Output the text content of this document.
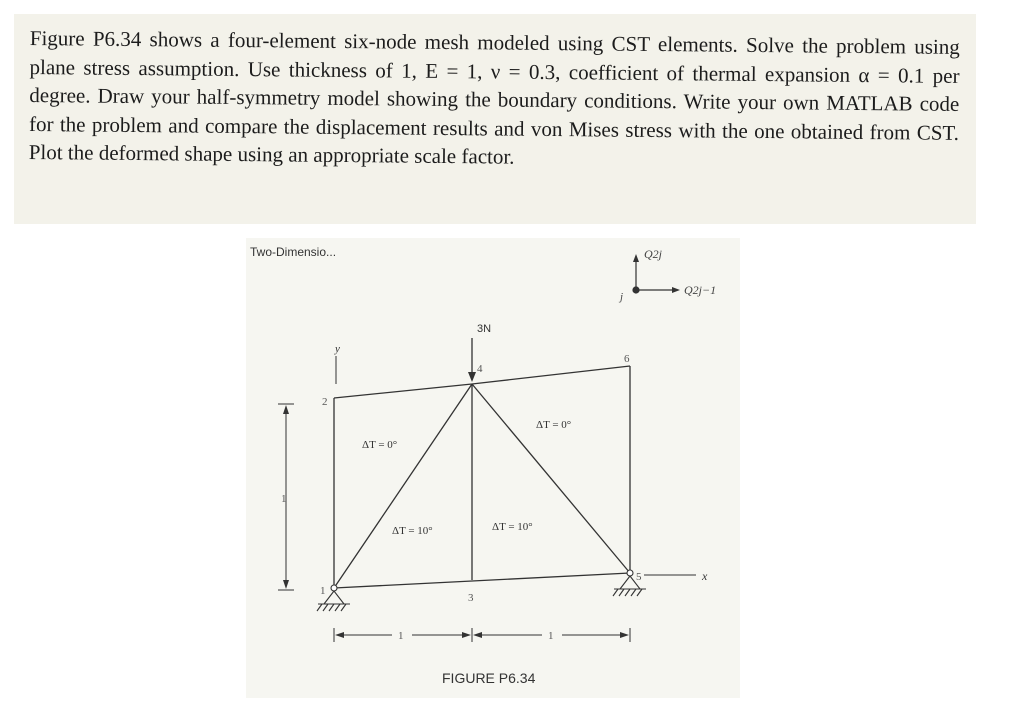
Figure P6.34 shows a four-element six-node mesh modeled using CST elements. Solve the problem using plane stress assumption. Use thickness of 1, E = 1, ν = 0.3, coefficient of thermal expansion α = 0.1 per degree. Draw your half-symmetry model showing the boundary conditions. Write your own MATLAB code for the problem and compare the displacement results and von Mises stress with the one obtained from CST. Plot the deformed shape using an appropriate scale factor.

Two-Dimensio...	Q2j
Q2j−1
j
y
3N
1
2
3
4
5
6
x
ΔT = 0°
ΔT = 0°
ΔT = 10°	ΔT = 10°
1
1	1
FIGURE P6.34
